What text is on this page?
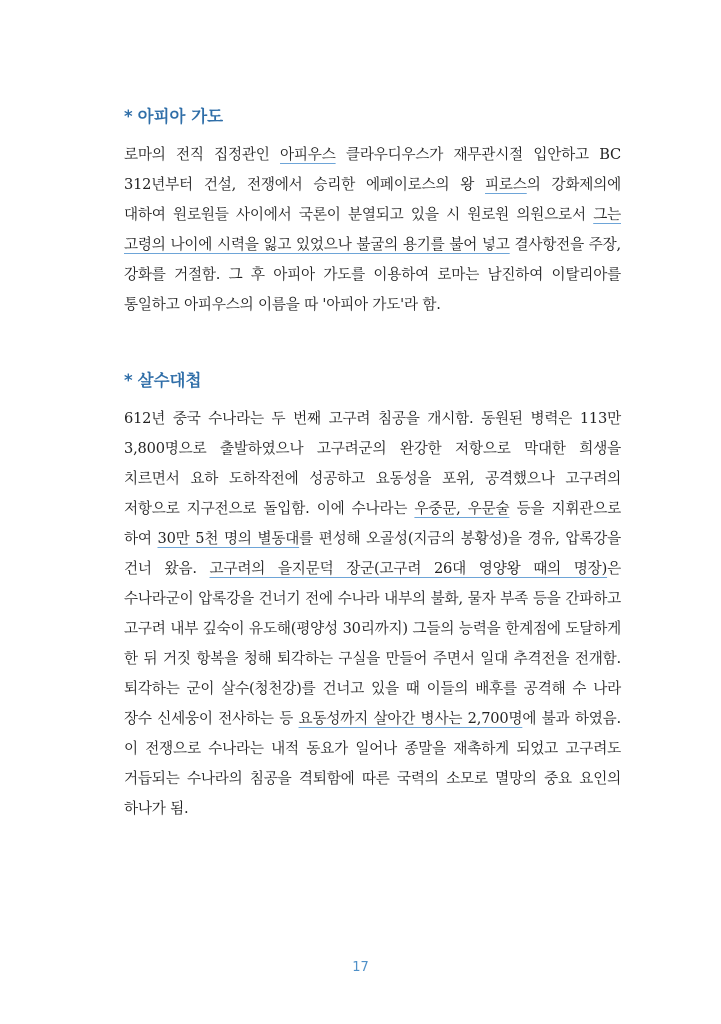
* 아피아 가도

로마의 전직 집정관인 아피우스 클라우디우스가 재무관시절 입안하고 BC 312년부터 건설, 전쟁에서 승리한 에페이로스의 왕 피로스의 강화제의에 대하여 원로원들 사이에서 국론이 분열되고 있을 시 원로원 의원으로서 그는 고령의 나이에 시력을 잃고 있었으나 불굴의 용기를 불어 넣고 결사항전을 주장, 강화를 거절함. 그 후 아피아 가도를 이용하여 로마는 남진하여 이탈리아를 통일하고 아피우스의 이름을 따 '아피아 가도'라 함.

* 살수대첩

612년 중국 수나라는 두 번째 고구려 침공을 개시함. 동원된 병력은 113만 3,800명으로 출발하였으나 고구려군의 완강한 저항으로 막대한 희생을 치르면서 요하 도하작전에 성공하고 요동성을 포위, 공격했으나 고구려의 저항으로 지구전으로 돌입함. 이에 수나라는 우중문, 우문술 등을 지휘관으로 하여 30만 5천 명의 별동대를 편성해 오골성(지금의 봉황성)을 경유, 압록강을 건너 왔음. 고구려의 을지문덕 장군(고구려 26대 영양왕 때의 명장)은 수나라군이 압록강을 건너기 전에 수나라 내부의 불화, 물자 부족 등을 간파하고 고구려 내부 깊숙이 유도해(평양성 30리까지) 그들의 능력을 한계점에 도달하게 한 뒤 거짓 항복을 청해 퇴각하는 구실을 만들어 주면서 일대 추격전을 전개함. 퇴각하는 군이 살수(청천강)를 건너고 있을 때 이들의 배후를 공격해 수 나라 장수 신세웅이 전사하는 등 요동성까지 살아간 병사는 2,700명에 불과 하였음. 이 전쟁으로 수나라는 내적 동요가 일어나 종말을 재촉하게 되었고 고구려도 거듭되는 수나라의 침공을 격퇴함에 따른 국력의 소모로 멸망의 중요 요인의 하나가 됨.

17
